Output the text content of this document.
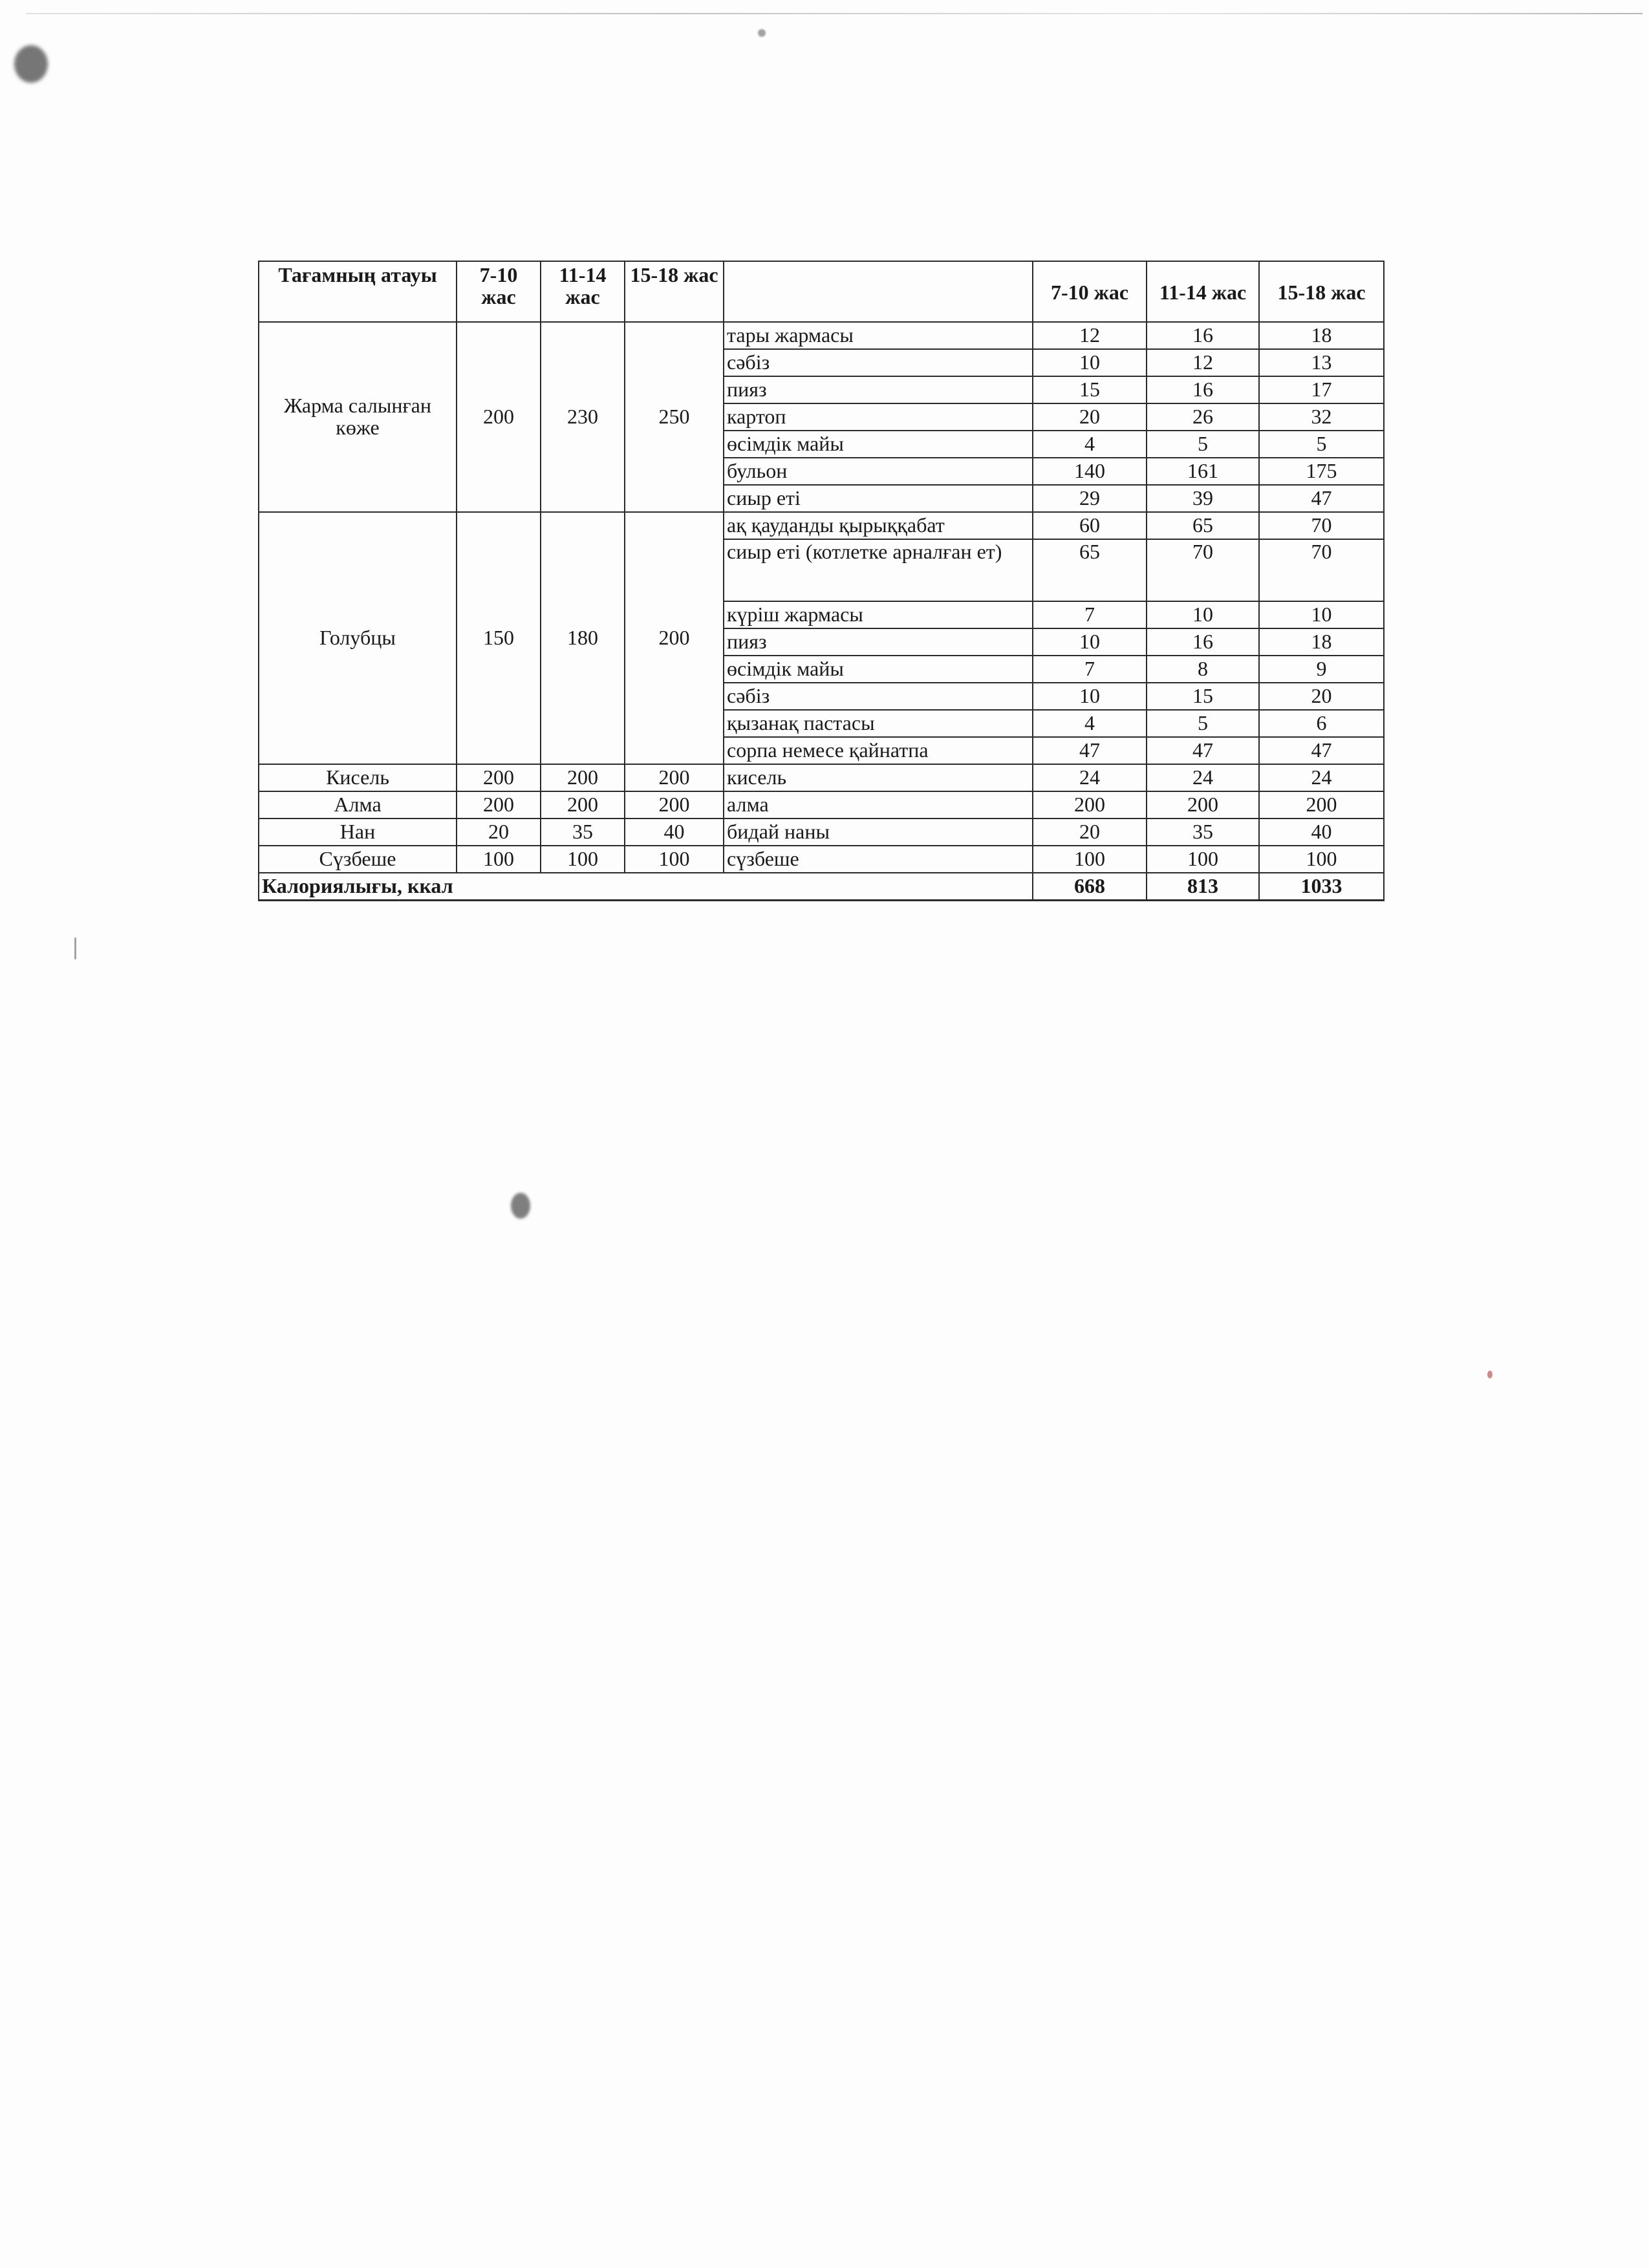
Тағамның атауы	7-10 жас	11-14 жас	15-18 жас		7-10 жас	11-14 жас	15-18 жас
Жарма салынған көже	200	230	250	тары жармасы	12	16	18
				сәбіз	10	12	13
				пияз	15	16	17
				картоп	20	26	32
				өсімдік майы	4	5	5
				бульон	140	161	175
				сиыр еті	29	39	47
Голубцы	150	180	200	ақ қауданды қырыққабат	60	65	70
				сиыр еті (котлетке арналған ет)	65	70	70
				күріш жармасы	7	10	10
				пияз	10	16	18
				өсімдік майы	7	8	9
				сәбіз	10	15	20
				қызанақ пастасы	4	5	6
				сорпа немесе қайнатпа	47	47	47
Кисель	200	200	200	кисель	24	24	24
Алма	200	200	200	алма	200	200	200
Нан	20	35	40	бидай наны	20	35	40
Сүзбеше	100	100	100	сүзбеше	100	100	100
Калориялығы, ккал					668	813	1033
